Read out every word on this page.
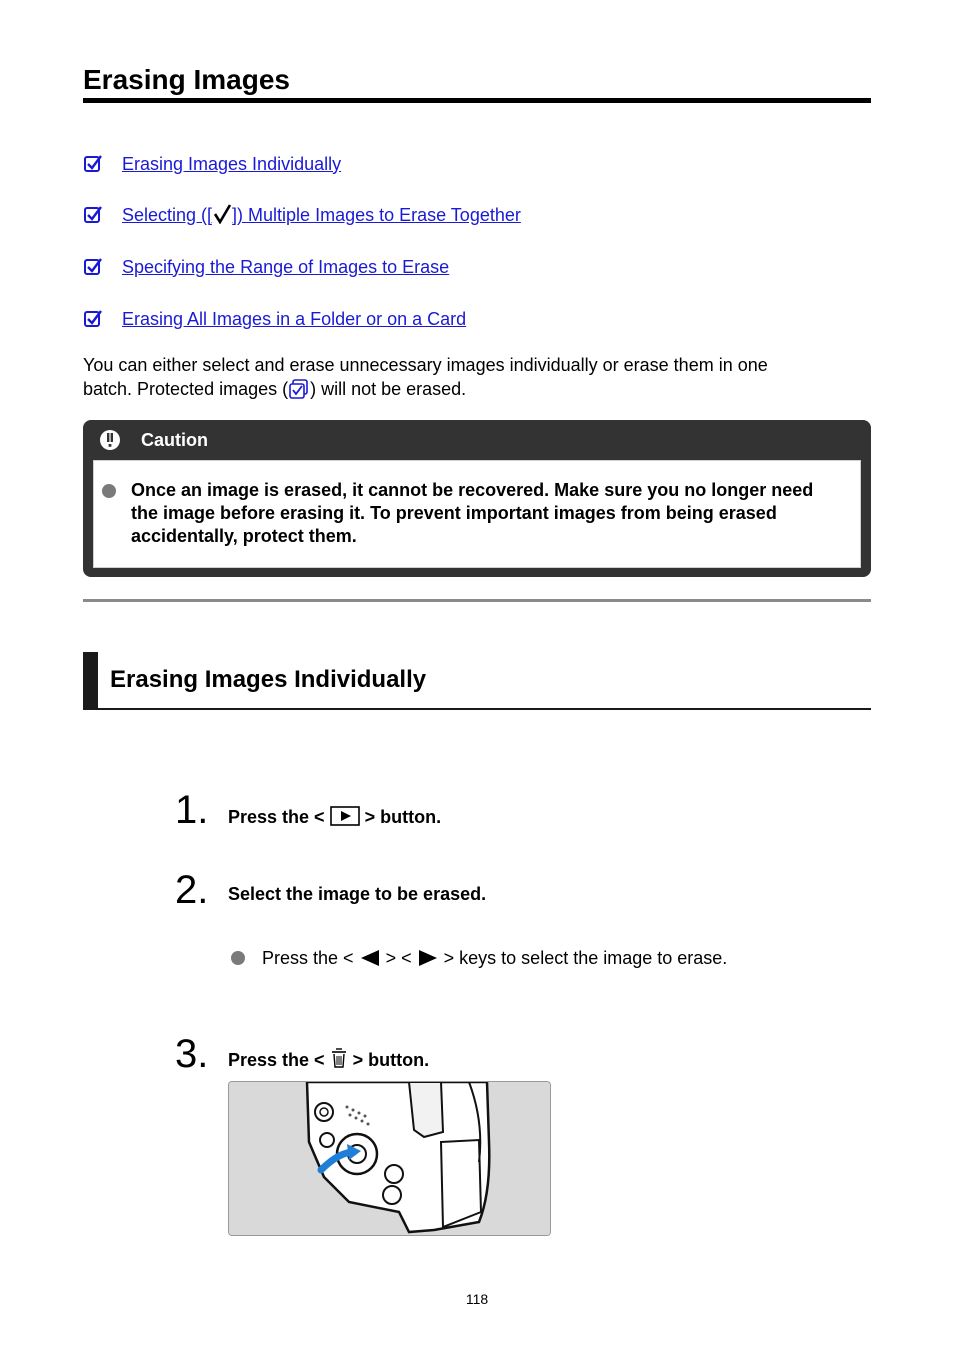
Erasing Images
Erasing Images Individually
Selecting ([ ]) Multiple Images to Erase Together
Specifying the Range of Images to Erase
Erasing All Images in a Folder or on a Card
You can either select and erase unnecessary images individually or erase them in one
batch. Protected images ( ) will not be erased.
Caution
Once an image is erased, it cannot be recovered. Make sure you no longer need the image before erasing it. To prevent important images from being erased accidentally, protect them.
Erasing Images Individually
1. Press the < > button.
2. Select the image to be erased.
Press the < > < > keys to select the image to erase.
3. Press the < > button.
118
